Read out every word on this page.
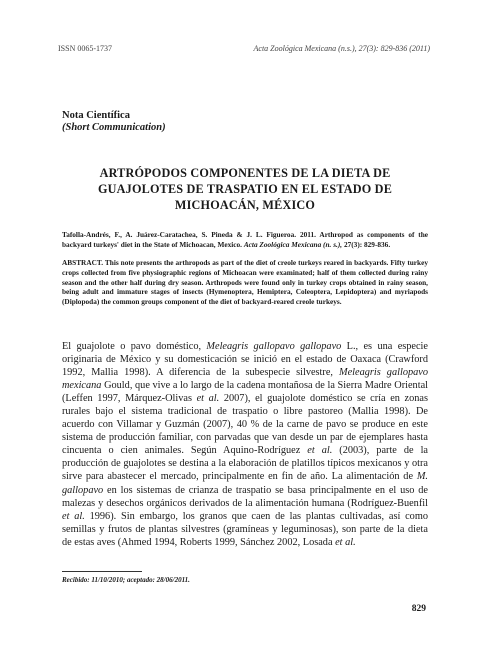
ISSN 0065-1737	Acta Zoológica Mexicana (n.s.), 27(3): 829-836 (2011)
Nota Científica
(Short Communication)
ARTRÓPODOS COMPONENTES DE LA DIETA DE
GUAJOLOTES DE TRASPATIO EN EL ESTADO DE
MICHOACÁN, MÉXICO
Tafolla-Andrés, F., A. Juárez-Caratachea, S. Pineda & J. L. Figueroa. 2011. Arthropod as components of the backyard turkeys' diet in the State of Michoacan, Mexico. Acta Zoológica Mexicana (n. s.), 27(3): 829-836.
ABSTRACT. This note presents the arthropods as part of the diet of creole turkeys reared in backyards. Fifty turkey crops collected from five physiographic regions of Michoacan were examinated; half of them collected during rainy season and the other half during dry season. Arthropods were found only in turkey crops obtained in rainy season, being adult and immature stages of insects (Hymenoptera, Hemiptera, Coleoptera, Lepidoptera) and myriapods (Diplopoda) the common groups component of the diet of backyard-reared creole turkeys.

El guajolote o pavo doméstico, Meleagris gallopavo gallopavo L., es una especie originaria de México y su domesticación se inició en el estado de Oaxaca (Crawford 1992, Mallia 1998). A diferencia de la subespecie silvestre, Meleagris gallopavo mexicana Gould, que vive a lo largo de la cadena montañosa de la Sierra Madre Oriental (Leffen 1997, Márquez-Olivas et al. 2007), el guajolote doméstico se cría en zonas rurales bajo el sistema tradicional de traspatio o libre pastoreo (Mallia 1998). De acuerdo con Villamar y Guzmán (2007), 40 % de la carne de pavo se produce en este sistema de producción familiar, con parvadas que van desde un par de ejemplares hasta cincuenta o cien animales. Según Aquino-Rodríguez et al. (2003), parte de la producción de guajolotes se destina a la elaboración de platillos típicos mexicanos y otra sirve para abastecer el mercado, principalmente en fin de año. La alimentación de M. gallopavo en los sistemas de crianza de traspatio se basa principalmente en el uso de malezas y desechos orgánicos derivados de la alimentación humana (Rodríguez-Buenfil et al. 1996). Sin embargo, los granos que caen de las plantas cultivadas, así como semillas y frutos de plantas silvestres (gramíneas y leguminosas), son parte de la dieta de estas aves (Ahmed 1994, Roberts 1999, Sánchez 2002, Losada et al.

Recibido: 11/10/2010; aceptado: 28/06/2011.
829
